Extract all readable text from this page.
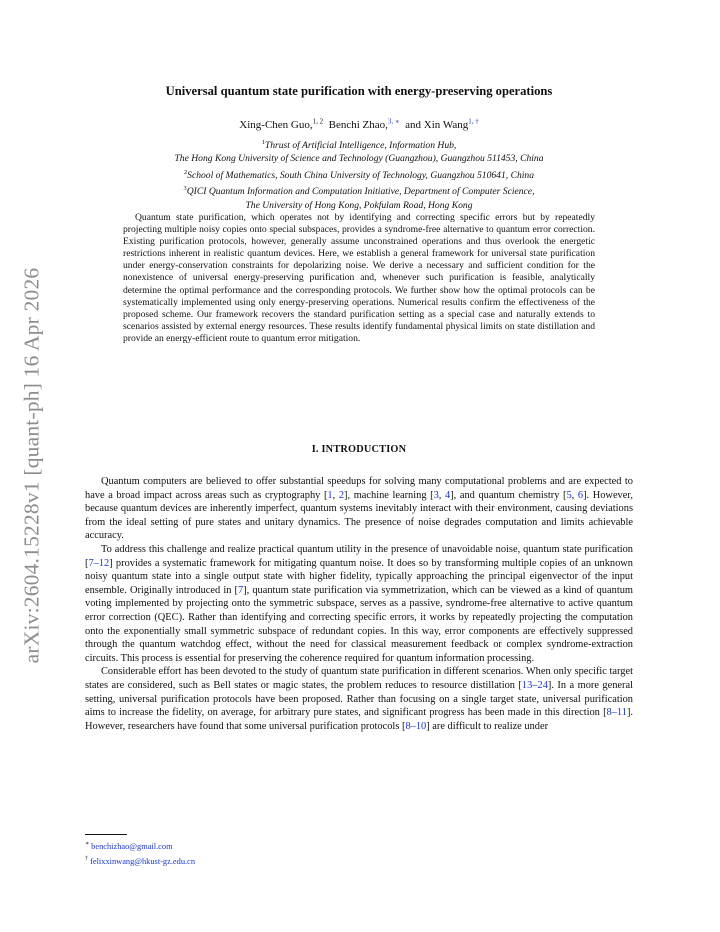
arXiv:2604.15228v1 [quant-ph] 16 Apr 2026
Universal quantum state purification with energy-preserving operations
Xing-Chen Guo,$^{1, 2}$ Benchi Zhao,$^{3, ∗}$ and Xin Wang$^{1, \dagger}$
$^1$Thrust of Artificial Intelligence, Information Hub,
The Hong Kong University of Science and Technology (Guangzhou), Guangzhou 511453, China
$^2$School of Mathematics, South China University of Technology, Guangzhou 510641, China
$^3$QICI Quantum Information and Computation Initiative, Department of Computer Science,
The University of Hong Kong, Pokfulam Road, Hong Kong
Quantum state purification, which operates not by identifying and correcting specific errors but by repeatedly projecting multiple noisy copies onto special subspaces, provides a syndrome-free alternative to quantum error correction. Existing purification protocols, however, generally assume unconstrained operations and thus overlook the energetic restrictions inherent in realistic quantum devices. Here, we establish a general framework for universal state purification under energy-conservation constraints for depolarizing noise. We derive a necessary and sufficient condition for the nonexistence of universal energy-preserving purification and, whenever such purification is feasible, analytically determine the optimal performance and the corresponding protocols. We further show how the optimal protocols can be systematically implemented using only energy-preserving operations. Numerical results confirm the effectiveness of the proposed scheme. Our framework recovers the standard purification setting as a special case and naturally extends to scenarios assisted by external energy resources. These results identify fundamental physical limits on state distillation and provide an energy-efficient route to quantum error mitigation.
I. INTRODUCTION

Quantum computers are believed to offer substantial speedups for solving many computational problems and are expected to have a broad impact across areas such as cryptography [1, 2], machine learning [3, 4], and quantum chemistry [5, 6]. However, because quantum devices are inherently imperfect, quantum systems inevitably interact with their environment, causing deviations from the ideal setting of pure states and unitary dynamics. The presence of noise degrades computation and limits achievable accuracy.

To address this challenge and realize practical quantum utility in the presence of unavoidable noise, quantum state purification [7–12] provides a systematic framework for mitigating quantum noise. It does so by transforming multiple copies of an unknown noisy quantum state into a single output state with higher fidelity, typically approaching the principal eigenvector of the input ensemble. Originally introduced in [7], quantum state purification via symmetrization, which can be viewed as a kind of quantum voting implemented by projecting onto the symmetric subspace, serves as a passive, syndrome-free alternative to active quantum error correction (QEC). Rather than identifying and correcting specific errors, it works by repeatedly projecting the computation onto the exponentially small symmetric subspace of redundant copies. In this way, error components are effectively suppressed through the quantum watchdog effect, without the need for classical measurement feedback or complex syndrome-extraction circuits. This process is essential for preserving the coherence required for quantum information processing.

Considerable effort has been devoted to the study of quantum state purification in different scenarios. When only specific target states are considered, such as Bell states or magic states, the problem reduces to resource distillation [13–24]. In a more general setting, universal purification protocols have been proposed. Rather than focusing on a single target state, universal purification aims to increase the fidelity, on average, for arbitrary pure states, and significant progress has been made in this direction [8–11]. However, researchers have found that some universal purification protocols [8–10] are difficult to realize under

∗ benchizhao@gmail.com
† felixxinwang@hkust-gz.edu.cn
